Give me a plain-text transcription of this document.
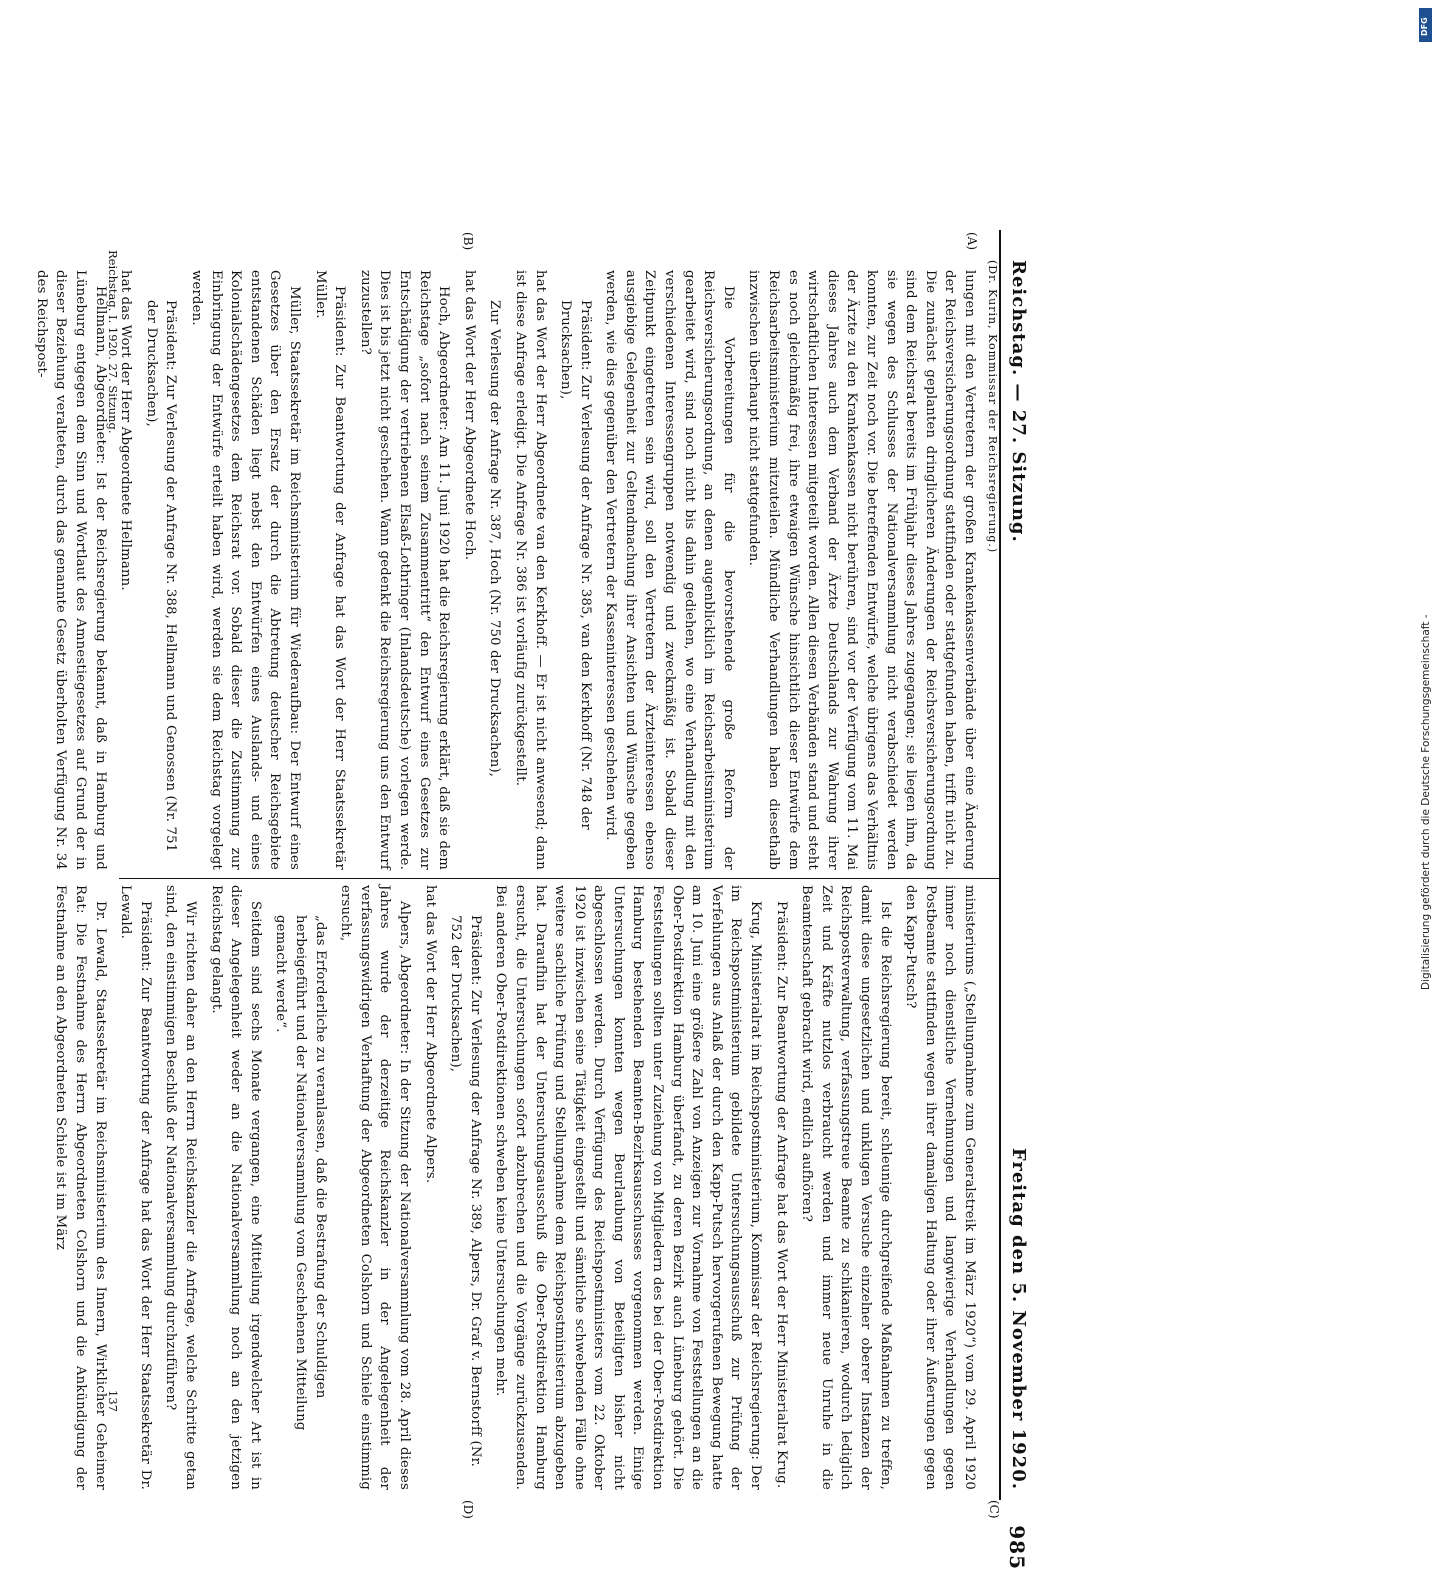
Reichstag. — 27. Sitzung.
Freitag den 5. November 1920.
985
(Dr. Kurin, Kommissar der Reichsregierung.)
(A)
(B)
(C)
(D)

lungen mit den Vertretern der großen Krankenkassenverbände über eine Änderung der Reichsversicherungsordnung stattfinden oder stattgefunden haben, trifft nicht zu. Die zunächst geplanten dringlicheren Änderungen der Reichsversicherungsordnung sind dem Reichsrat bereits im Frühjahr dieses Jahres zugegangen; sie liegen ihm, da sie wegen des Schlusses der Nationalversammlung nicht verabschiedet werden konnten, zur Zeit noch vor. Die betreffenden Entwürfe, welche übrigens das Verhältnis der Ärzte zu den Krankenkassen nicht berühren, sind vor der Verfügung vom 11. Mai dieses Jahres auch dem Verband der Ärzte Deutschlands zur Wahrung ihrer wirtschaftlichen Interessen mitgeteilt worden. Allen diesen Verbänden stand und steht es noch gleichmäßig frei, ihre etwaigen Wünsche hinsichtlich dieser Entwürfe dem Reichsarbeitsministerium mitzuteilen. Mündliche Verhandlungen haben diesethalb inzwischen überhaupt nicht stattgefunden.

Die Vorbereitungen für die bevorstehende große Reform der Reichsversicherungsordnung, an denen augenblicklich im Reichsarbeitsministerium gearbeitet wird, sind noch nicht bis dahin gediehen, wo eine Verhandlung mit den verschiedenen Interessengruppen notwendig und zweckmäßig ist. Sobald dieser Zeitpunkt eingetreten sein wird, soll den Vertretern der Ärzteinteressen ebenso ausgiebige Gelegenheit zur Geltendmachung ihrer Ansichten und Wünsche gegeben werden, wie dies gegenüber den Vertretern der Kasseninteressen geschehen wird.

Präsident: Zur Verlesung der Anfrage Nr. 385, van den Kerkhoff (Nr. 748 der Drucksachen),

hat das Wort der Herr Abgeordnete van den Kerkhoff. — Er ist nicht anwesend; dann ist diese Anfrage erledigt. Die Anfrage Nr. 386 ist vorläufig zurückgestellt.

Zur Verlesung der Anfrage Nr. 387, Hoch (Nr. 750 der Drucksachen),

hat das Wort der Herr Abgeordnete Hoch.

Hoch, Abgeordneter: Am 11. Juni 1920 hat die Reichsregierung erklärt, daß sie dem Reichstage „sofort nach seinem Zusammentritt“ den Entwurf eines Gesetzes zur Entschädigung der vertriebenen Elsaß-Lothringer (Inlandsdeutsche) vorlegen werde. Dies ist bis jetzt nicht geschehen. Wann gedenkt die Reichsregierung uns den Entwurf zuzustellen?

Präsident: Zur Beantwortung der Anfrage hat das Wort der Herr Staatssekretär Müller.

Müller, Staatssekretär im Reichsministerium für Wiederaufbau: Der Entwurf eines Gesetzes über den Ersatz der durch die Abtretung deutscher Reichsgebiete entstandenen Schäden liegt nebst den Entwürfen eines Auslands- und eines Kolonialschädengesetzes dem Reichsrat vor. Sobald dieser die Zustimmung zur Einbringung der Entwürfe erteilt haben wird, werden sie dem Reichstag vorgelegt werden.

Präsident: Zur Verlesung der Anfrage Nr. 388, Hellmann und Genossen (Nr. 751 der Drucksachen),

hat das Wort der Herr Abgeordnete Hellmann.

Hellmann, Abgeordneter: Ist der Reichsregierung bekannt, daß in Hamburg und Lüneburg entgegen dem Sinn und Wortlaut des Amnestiegesetzes auf Grund der in dieser Beziehung veralteten, durch das genannte Gesetz überholten Verfügung Nr. 34 des Reichspost-

ministeriums („Stellungnahme zum Generalstreik im März 1920“) vom 29. April 1920 immer noch dienstliche Vernehmungen und langwierige Verhandlungen gegen Postbeamte stattfinden wegen ihrer damaligen Haltung oder ihrer Äußerungen gegen den Kapp-Putsch?

Ist die Reichsregierung bereit, schleunige durchgreifende Maßnahmen zu treffen, damit diese ungesetzlichen und unklugen Versuche einzelner oberer Instanzen der Reichspostverwaltung, verfassungstreue Beamte zu schikanieren, wodurch lediglich Zeit und Kräfte nutzlos verbraucht werden und immer neue Unruhe in die Beamtenschaft gebracht wird, endlich aufhören?

Präsident: Zur Beantwortung der Anfrage hat das Wort der Herr Ministerialrat Krug.

Krug, Ministerialrat im Reichspostministerium, Kommissar der Reichsregierung: Der im Reichspostministerium gebildete Untersuchungsausschuß zur Prüfung der Verfehlungen aus Anlaß der durch den Kapp-Putsch hervorgerufenen Bewegung hatte am 10. Juni eine größere Zahl von Anzeigen zur Vornahme von Feststellungen an die Ober-Postdirektion Hamburg überfandt, zu deren Bezirk auch Lüneburg gehört. Die Feststellungen sollten unter Zuziehung von Mitgliedern des bei der Ober-Postdirektion Hamburg bestehenden Beamten-Bezirksausschusses vorgenommen werden. Einige Untersuchungen konnten wegen Beurlaubung von Beteiligten bisher nicht abgeschlossen werden. Durch Verfügung des Reichspostministers vom 22. Oktober 1920 ist inzwischen seine Tätigkeit eingestellt und sämtliche schwebenden Fälle ohne weitere sachliche Prüfung und Stellungnahme dem Reichspostministerium abzugeben hat. Daraufhin hat der Untersuchungsausschuß die Ober-Postdirektion Hamburg ersucht, die Untersuchungen sofort abzubrechen und die Vorgänge zurückzusenden. Bei anderen Ober-Postdirektionen schweben keine Untersuchungen mehr.

Präsident: Zur Verlesung der Anfrage Nr. 389, Alpers, Dr. Graf v. Bernstorff (Nr. 752 der Drucksachen),

hat das Wort der Herr Abgeordnete Alpers.

Alpers, Abgeordneter: In der Sitzung der Nationalversammlung vom 28. April dieses Jahres wurde der derzeitige Reichskanzler in der Angelegenheit der verfassungswidrigen Verhaftung der Abgeordneten Colshorn und Schiele einstimmig ersucht,

„das Erforderliche zu veranlassen, daß die Bestrafung der Schuldigen herbeigeführt und der Nationalversammlung vom Geschehenen Mitteilung gemacht werde“.

Seitdem sind sechs Monate vergangen, eine Mitteilung irgendwelcher Art ist in dieser Angelegenheit weder an die Nationalversammlung noch an den jetzigen Reichstag gelangt.

Wir richten daher an den Herrn Reichskanzler die Anfrage, welche Schritte getan sind, den einstimmigen Beschluß der Nationalversammlung durchzuführen?

Präsident: Zur Beantwortung der Anfrage hat das Wort der Herr Staatssekretär Dr. Lewald.

Dr. Lewald, Staatssekretär im Reichsministerium des Innern, Wirklicher Geheimer Rat: Die Festnahme des Herrn Abgeordneten Colshorn und die Ankündigung der Festnahme an den Abgeordneten Schiele ist im März

Reichstag. I. 1920. 27. Sitzung.
137
DFG
Digitalisierung gefördert durch die Deutsche Forschungsgemeinschaft -
